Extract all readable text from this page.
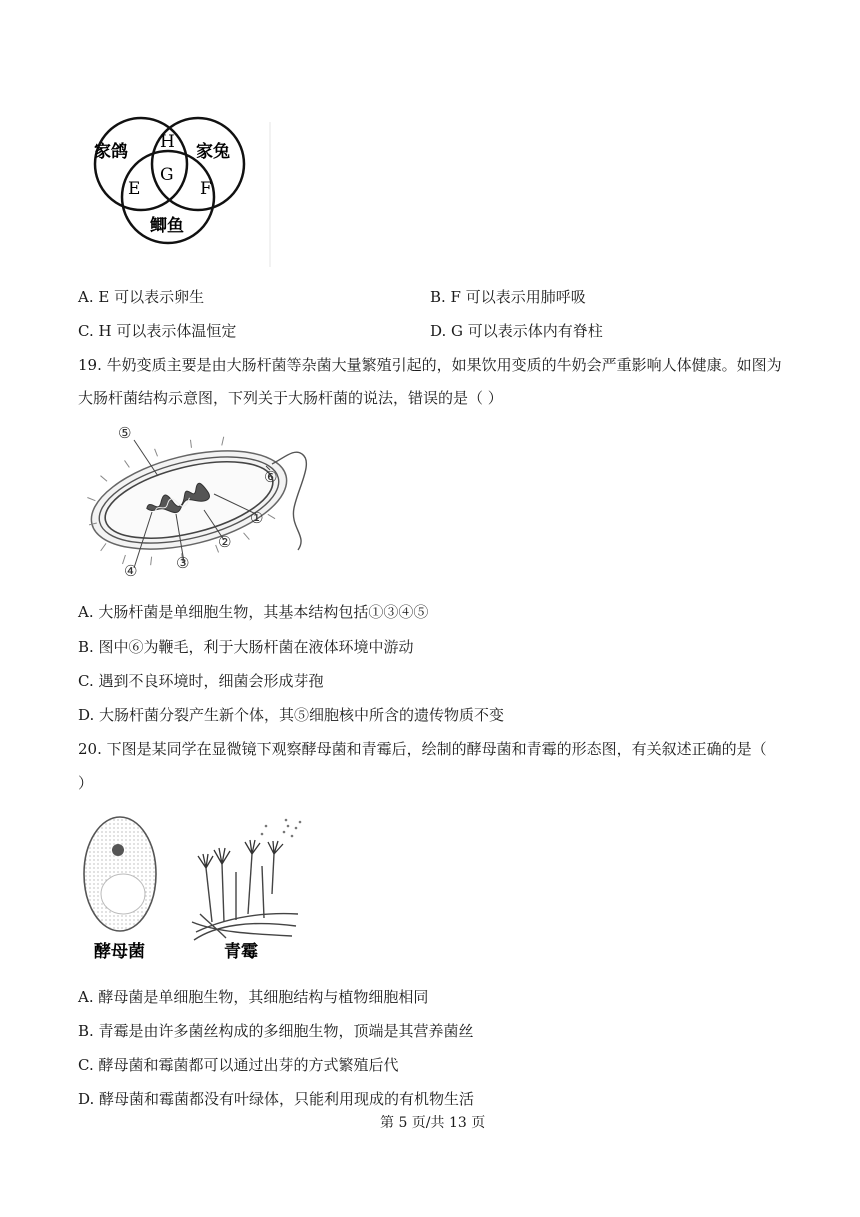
家鸽	家兔
鲫鱼
H
G
E	F
A. E 可以表示卵生	B. F 可以表示用肺呼吸
C. H 可以表示体温恒定	D. G 可以表示体内有脊柱
19. 牛奶变质主要是由大肠杆菌等杂菌大量繁殖引起的，如果饮用变质的牛奶会严重影响人体健康。如图为
大肠杆菌结构示意图，下列关于大肠杆菌的说法，错误的是（ ）
⑤
⑥
①
②
③
④
A. 大肠杆菌是单细胞生物，其基本结构包括①③④⑤
B. 图中⑥为鞭毛，利于大肠杆菌在液体环境中游动
C. 遇到不良环境时，细菌会形成芽孢
D. 大肠杆菌分裂产生新个体，其⑤细胞核中所含的遗传物质不变
20. 下图是某同学在显微镜下观察酵母菌和青霉后，绘制的酵母菌和青霉的形态图，有关叙述正确的是（
）
酵母菌	青霉
A. 酵母菌是单细胞生物，其细胞结构与植物细胞相同
B. 青霉是由许多菌丝构成的多细胞生物，顶端是其营养菌丝
C. 酵母菌和霉菌都可以通过出芽的方式繁殖后代
D. 酵母菌和霉菌都没有叶绿体，只能利用现成的有机物生活
第 5 页/共 13 页
